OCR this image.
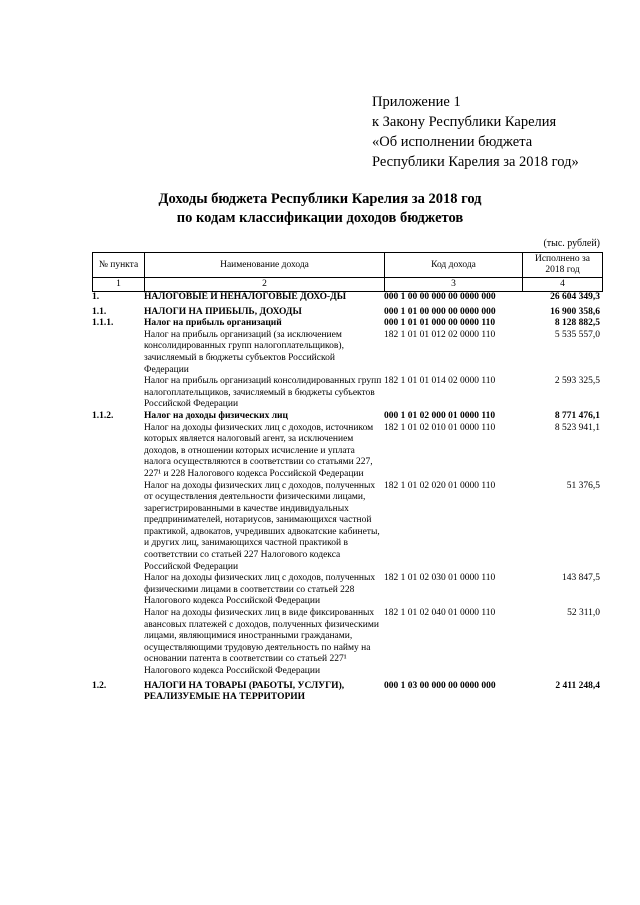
Приложение 1
к Закону Республики Карелия
«Об исполнении бюджета
Республики Карелия за 2018 год»
Доходы бюджета Республики Карелия за 2018 год
по кодам классификации доходов бюджетов
(тыс. рублей)
№ пункта	Наименование дохода	Код дохода	Исполнено за 2018 год
1	2	3	4
1.	НАЛОГОВЫЕ И НЕНАЛОГОВЫЕ ДОХО-ДЫ	000 1 00 00 000 00 0000 000	26 604 349,3
1.1.	НАЛОГИ НА ПРИБЫЛЬ, ДОХОДЫ	000 1 01 00 000 00 0000 000	16 900 358,6
1.1.1.	Налог на прибыль организаций	000 1 01 01 000 00 0000 110	8 128 882,5
	Налог на прибыль организаций (за исключением консолидированных групп налогоплательщиков), зачисляемый в бюджеты субъектов Российской Федерации	182 1 01 01 012 02 0000 110	5 535 557,0
	Налог на прибыль организаций консолидированных групп налогоплательщиков, зачисляемый в бюджеты субъектов Российской Федерации	182 1 01 01 014 02 0000 110	2 593 325,5
1.1.2.	Налог на доходы физических лиц	000 1 01 02 000 01 0000 110	8 771 476,1
	Налог на доходы физических лиц с доходов, источником которых является налоговый агент, за исключением доходов, в отношении которых исчисление и уплата налога осуществляются в соответствии со статьями 227, 227¹ и 228 Налогового кодекса Российской Федерации	182 1 01 02 010 01 0000 110	8 523 941,1
	Налог на доходы физических лиц с доходов, полученных от осуществления деятельности физическими лицами, зарегистрированными в качестве индивидуальных предпринимателей, нотариусов, занимающихся частной практикой, адвокатов, учредивших адвокатские кабинеты, и других лиц, занимающихся частной практикой в соответствии со статьей 227 Налогового кодекса Российской Федерации	182 1 01 02 020 01 0000 110	51 376,5
	Налог на доходы физических лиц с доходов, полученных физическими лицами в соответствии со статьей 228 Налогового кодекса Российской Федерации	182 1 01 02 030 01 0000 110	143 847,5
	Налог на доходы физических лиц в виде фиксированных авансовых платежей с доходов, полученных физическими лицами, являющимися иностранными гражданами, осуществляющими трудовую деятельность по найму на основании патента в соответствии со статьей 227¹ Налогового кодекса Российской Федерации	182 1 01 02 040 01 0000 110	52 311,0
1.2.	НАЛОГИ НА ТОВАРЫ (РАБОТЫ, УСЛУГИ), РЕАЛИЗУЕМЫЕ НА ТЕРРИТОРИИ	000 1 03 00 000 00 0000 000	2 411 248,4
